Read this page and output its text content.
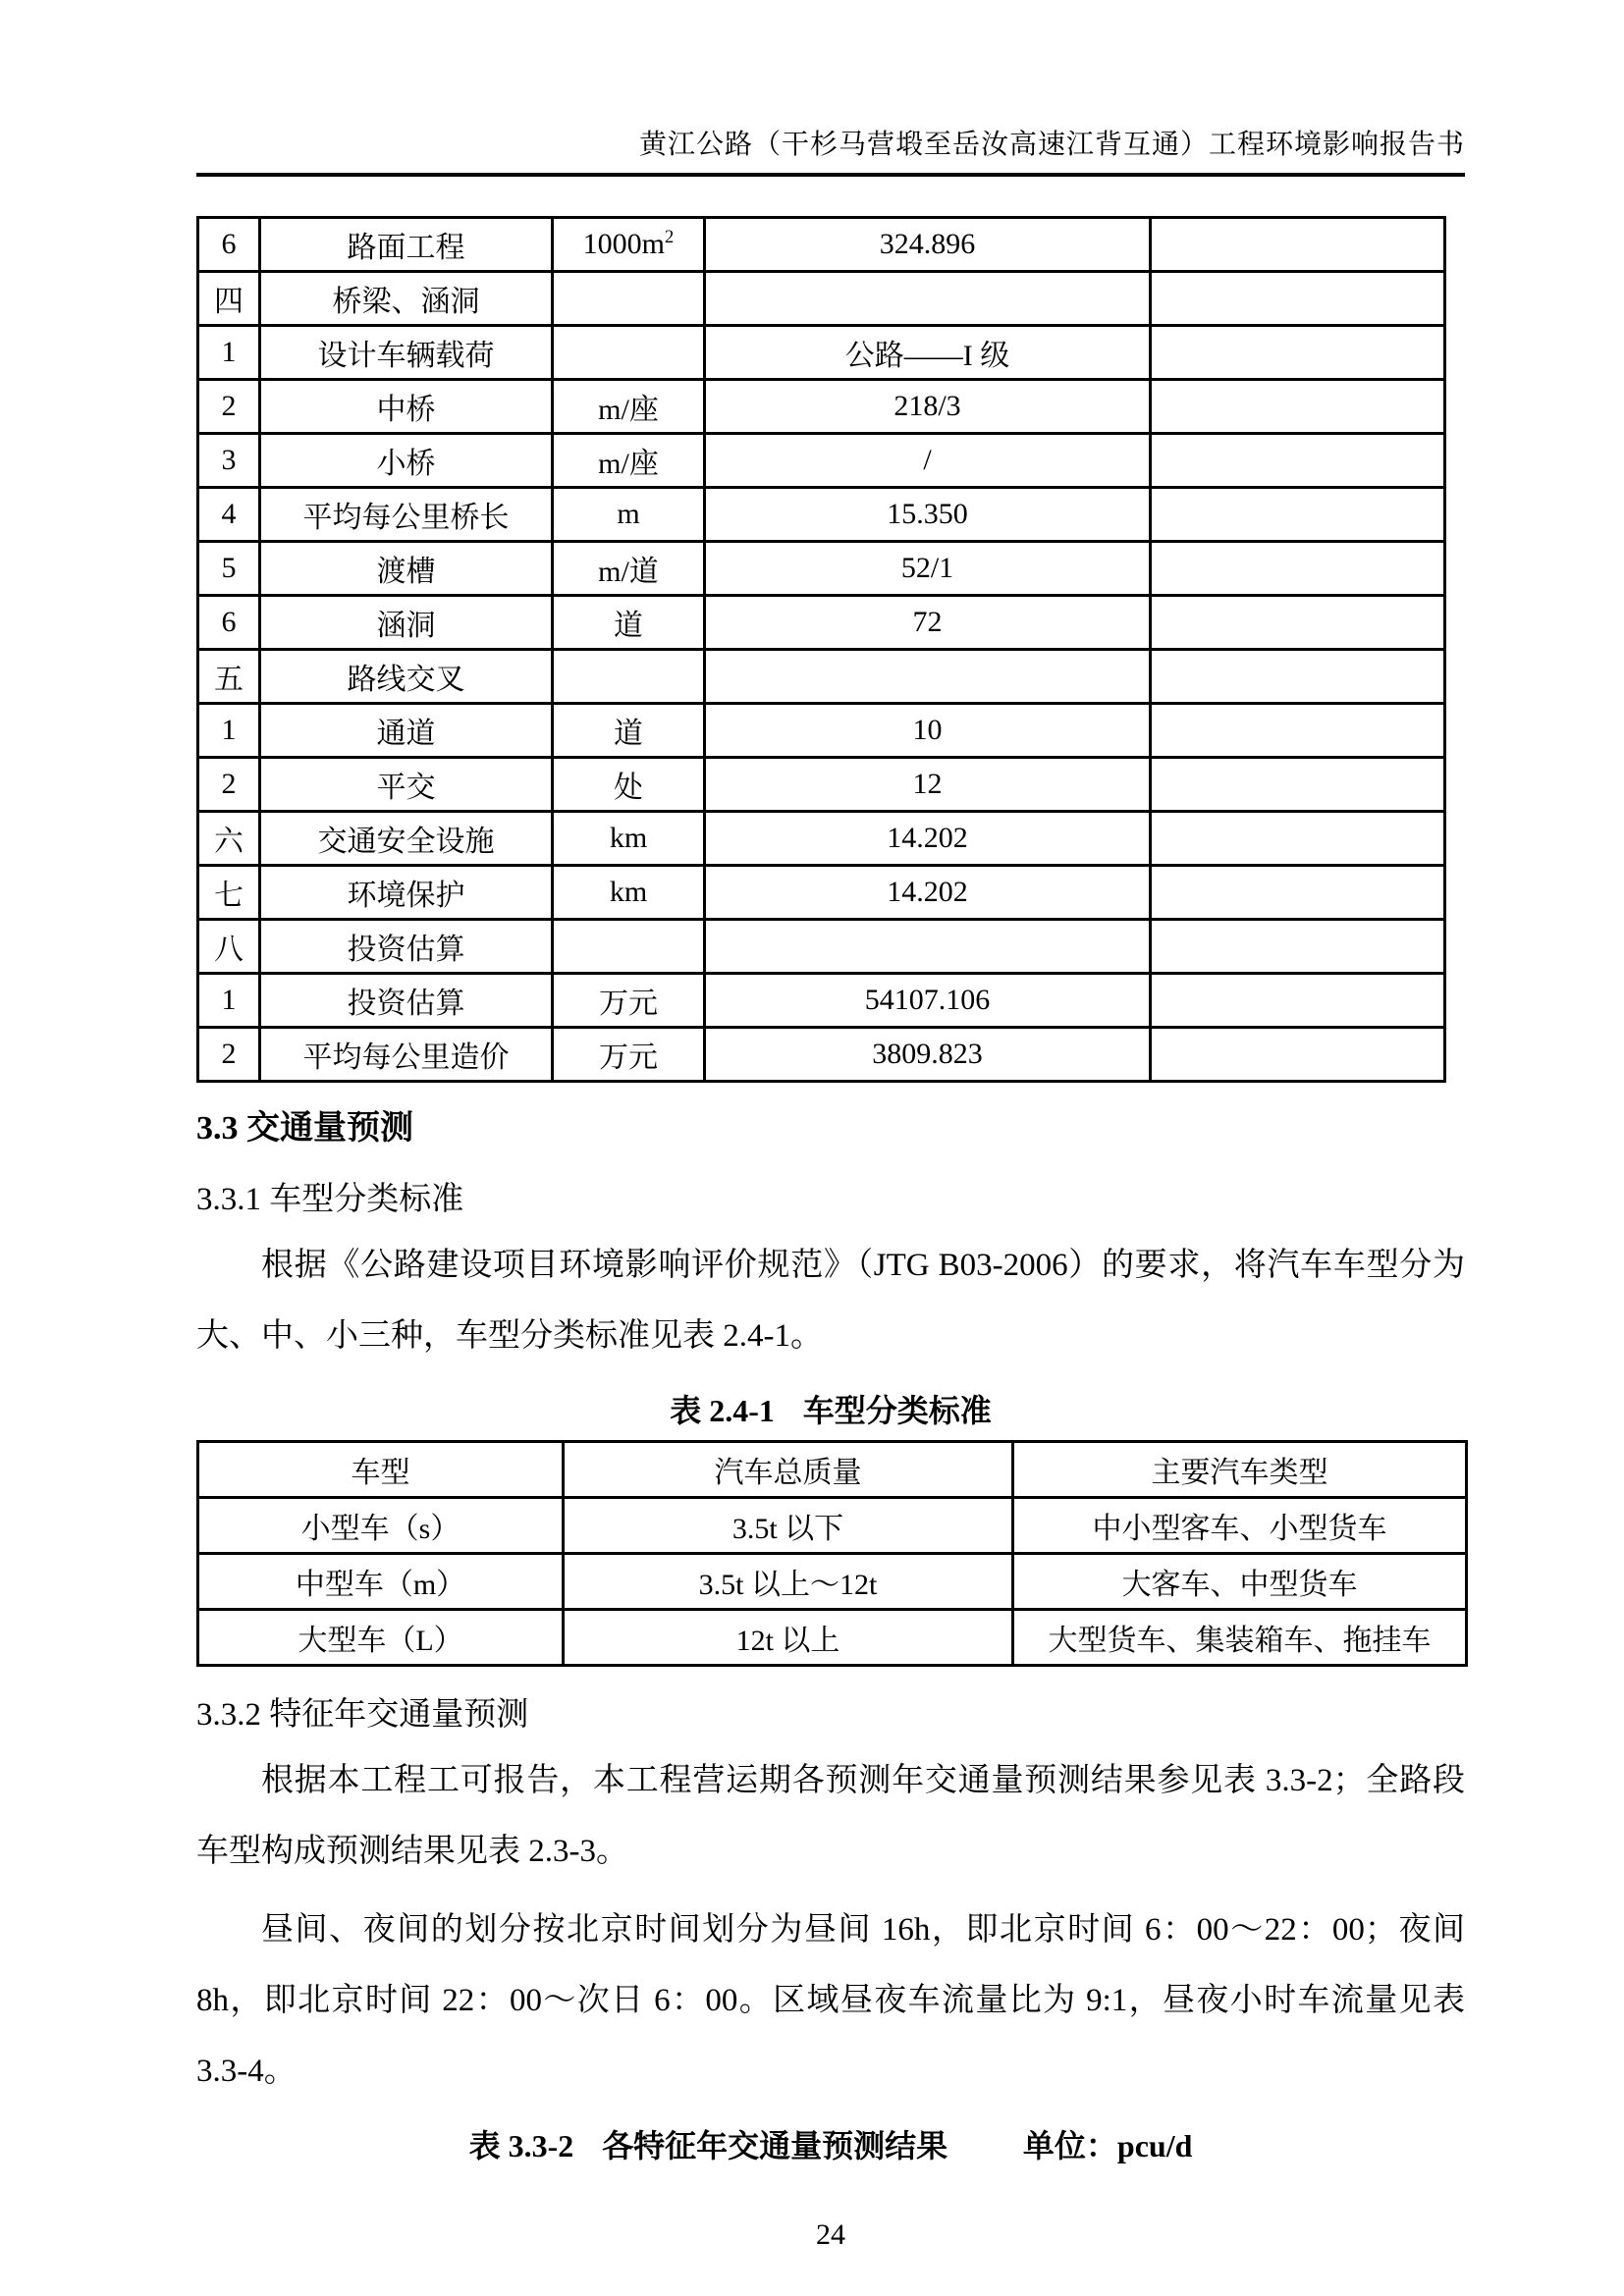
黄江公路（干杉马营塅至岳汝高速江背互通）工程环境影响报告书
6	路面工程	$1000m^2$	324.896	
四	桥梁、涵洞			
1	设计车辆载荷		公路——I 级	
2	中桥	m/座	218/3	
3	小桥	m/座	/	
4	平均每公里桥长	m	15.350	
5	渡槽	m/道	52/1	
6	涵洞	道	72	
五	路线交叉			
1	通道	道	10	
2	平交	处	12	
六	交通安全设施	km	14.202	
七	环境保护	km	14.202	
八	投资估算			
1	投资估算	万元	54107.106	
2	平均每公里造价	万元	3809.823	
3.3 交通量预测
3.3.1 车型分类标准

根据《公路建设项目环境影响评价规范》（JTG B03-2006）的要求，将汽车车型分为大、中、小三种，车型分类标准见表 2.4-1。

表 2.4-1 车型分类标准
车型	汽车总质量	主要汽车类型
小型车（s）	3.5t 以下	中小型客车、小型货车
中型车（m）	3.5t 以上～12t	大客车、中型货车
大型车（L）	12t 以上	大型货车、集装箱车、拖挂车
3.3.2 特征年交通量预测

根据本工程工可报告，本工程营运期各预测年交通量预测结果参见表 3.3-2；全路段车型构成预测结果见表 2.3-3。

昼间、夜间的划分按北京时间划分为昼间 16h，即北京时间 6：00～22：00；夜间 8h，即北京时间 22：00～次日 6：00。区域昼夜车流量比为 9:1，昼夜小时车流量见表 3.3-4。

表 3.3-2 各特征年交通量预测结果 单位：pcu/d
24
